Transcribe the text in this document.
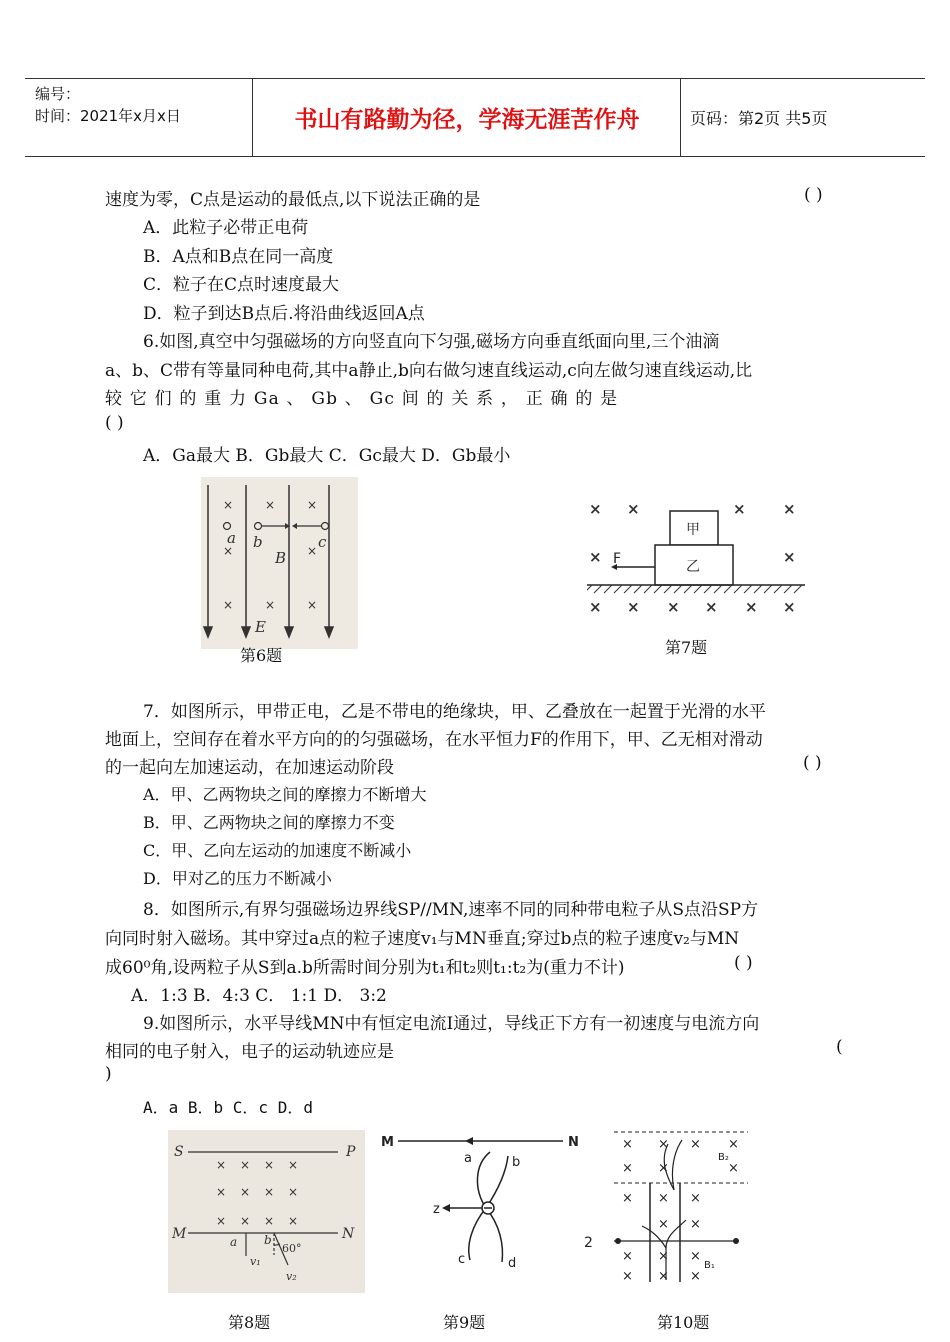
编号：
时间：2021年x月x日	书山有路勤为径，学海无涯苦作舟	页码：第2页 共5页
速度为零，C点是运动的最低点,以下说法正确的是	( )
A．此粒子必带正电荷
B．A点和B点在同一高度
C．粒子在C点时速度最大
D．粒子到达B点后.将沿曲线返回A点
6.如图,真空中匀强磁场的方向竖直向下匀强,磁场方向垂直纸面向里,三个油滴
a、b、C带有等量同种电荷,其中a静止,b向右做匀速直线运动,c向左做匀速直线运动,比
较 它 们 的 重 力 Ga 、 Gb 、 Gc 间 的 关 系 ， 正 确 的 是
( )
A．Ga最大 B．Gb最大 C．Gc最大 D．Gb最小
×	×	×
×	×
×	×	×
a b
B
c
E
第6题
× ×	× ×
×	×
× × × × × ×
甲
乙
F
第7题
7．如图所示，甲带正电，乙是不带电的绝缘块，甲、乙叠放在一起置于光滑的水平
地面上，空间存在着水平方向的的匀强磁场，在水平恒力F的作用下，甲、乙无相对滑动
的一起向左加速运动，在加速运动阶段	( )
A．甲、乙两物块之间的摩擦力不断增大
B．甲、乙两物块之间的摩擦力不变
C．甲、乙向左运动的加速度不断减小
D．甲对乙的压力不断减小
8．如图所示,有界匀强磁场边界线SP//MN,速率不同的同种带电粒子从S点沿SP方
向同时射入磁场。其中穿过a点的粒子速度v₁与MN垂直;穿过b点的粒子速度v₂与MN
成60⁰角,设两粒子从S到a.b所需时间分别为t₁和t₂则t₁:t₂为(重力不计)	( )
A．1:3 B．4:3 C． 1:1 D． 3:2
9.如图所示，水平导线MN中有恒定电流I通过，导线正下方有一初速度与电流方向
相同的电子射入，电子的运动轨迹应是	(
)
A．a B．b C．c D．d
× × × ×
× × × ×
× × × ×
S	P
M	N
a b
60°
v₁
v₂
第8题
M	N
a	b
z
c	d
第9题
× × × ×
× ×	×
× ×
×
× ×
× × ×
× × ×
B₂
B₁
2
第10题
